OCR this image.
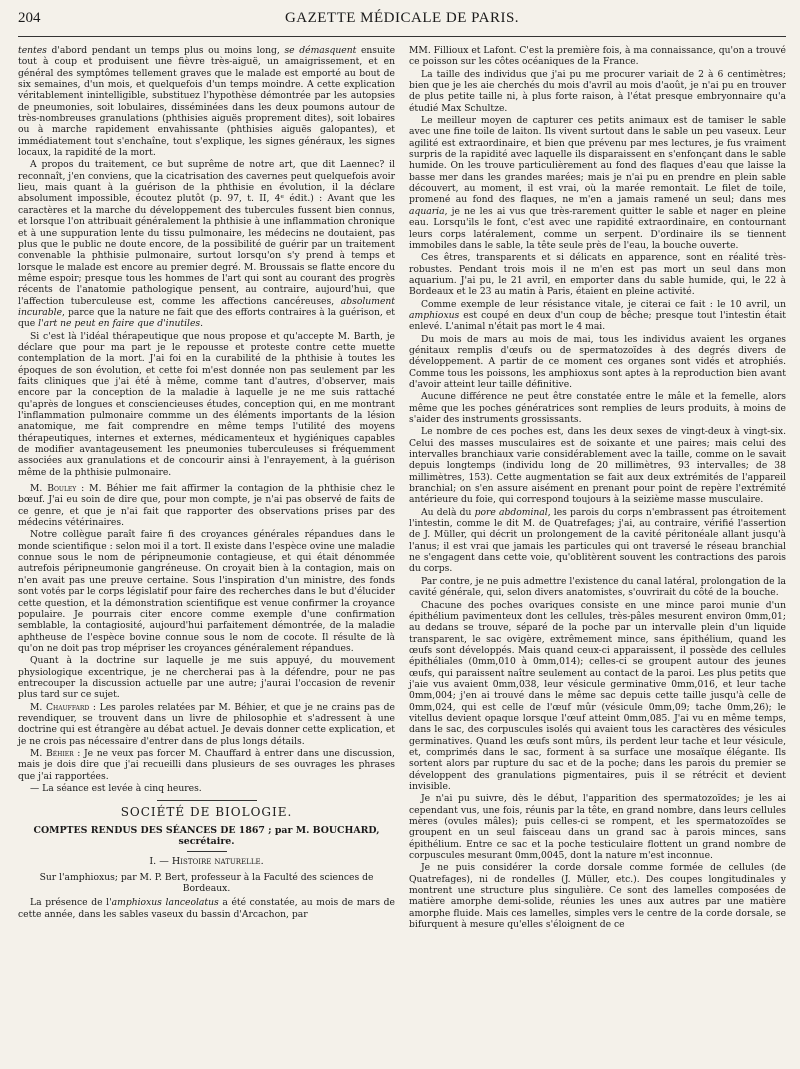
204	GAZETTE MÉDICALE DE PARIS.

tentes d'abord pendant un temps plus ou moins long, se démasquent ensuite tout à coup et produisent une fièvre très-aiguë, un amaigrissement, et en général des symptômes tellement graves que le malade est emporté au bout de six semaines, d'un mois, et quelquefois d'un temps moindre. A cette explication véritablement inintelligible, substituez l'hypothèse démontrée par les autopsies de pneumonies, soit lobulaires, disséminées dans les deux poumons autour de très-nombreuses granulations (phthisies aiguës proprement dites), soit lobaires ou à marche rapidement envahissante (phthisies aiguës galopantes), et immédiatement tout s'enchaîne, tout s'explique, les signes généraux, les signes locaux, la rapidité de la mort.

A propos du traitement, ce but suprême de notre art, que dit Laennec? il reconnaît, j'en conviens, que la cicatrisation des cavernes peut quelquefois avoir lieu, mais quant à la guérison de la phthisie en évolution, il la déclare absolument impossible, écoutez plutôt (p. 97, t. II, 4ᵉ édit.) : Avant que les caractères et la marche du développement des tubercules fussent bien connus, et lorsque l'on attribuait généralement la phthisie à une inflammation chronique et à une suppuration lente du tissu pulmonaire, les médecins ne doutaient, pas plus que le public ne doute encore, de la possibilité de guérir par un traitement convenable la phthisie pulmonaire, surtout lorsqu'on s'y prend à temps et lorsque le malade est encore au premier degré. M. Broussais se flatte encore du même espoir; presque tous les hommes de l'art qui sont au courant des progrès récents de l'anatomie pathologique pensent, au contraire, aujourd'hui, que l'affection tuberculeuse est, comme les affections cancéreuses, absolument incurable, parce que la nature ne fait que des efforts contraires à la guérison, et que l'art ne peut en faire que d'inutiles.

Si c'est là l'idéal thérapeutique que nous propose et qu'accepte M. Barth, je déclare que pour ma part je le repousse et proteste contre cette muette contemplation de la mort. J'ai foi en la curabilité de la phthisie à toutes les époques de son évolution, et cette foi m'est donnée non pas seulement par les faits cliniques que j'ai été à même, comme tant d'autres, d'observer, mais encore par la conception de la maladie à laquelle je ne me suis rattaché qu'après de longues et consciencieuses études, conception qui, en me montrant l'inflammation pulmonaire commme un des éléments importants de la lésion anatomique, me fait comprendre en même temps l'utilité des moyens thérapeutiques, internes et externes, médicamenteux et hygiéniques capables de modifier avantageusement les pneumonies tuberculeuses si fréquemment associées aux granulations et de concourir ainsi à l'enrayement, à la guérison même de la phthisie pulmonaire.

M. Bouley : M. Béhier me fait affirmer la contagion de la phthisie chez le bœuf. J'ai eu soin de dire que, pour mon compte, je n'ai pas observé de faits de ce genre, et que je n'ai fait que rapporter des observations prises par des médecins vétérinaires.

Notre collègue paraît faire fi des croyances générales répandues dans le monde scientifique : selon moi il a tort. Il existe dans l'espèce ovine une maladie connue sous le nom de péripneumonie contagieuse, et qui était dénommée autrefois péripneumonie gangréneuse. On croyait bien à la contagion, mais on n'en avait pas une preuve certaine. Sous l'inspiration d'un ministre, des fonds sont votés par le corps législatif pour faire des recherches dans le but d'élucider cette question, et la démonstration scientifique est venue confirmer la croyance populaire. Je pourrais citer encore comme exemple d'une confirmation semblable, la contagiosité, aujourd'hui parfaitement démontrée, de la maladie aphtheuse de l'espèce bovine connue sous le nom de cocote. Il résulte de là qu'on ne doit pas trop mépriser les croyances généralement répandues.

Quant à la doctrine sur laquelle je me suis appuyé, du mouvement physiologique excentrique, je ne chercherai pas à la défendre, pour ne pas entrecouper la discussion actuelle par une autre; j'aurai l'occasion de revenir plus tard sur ce sujet.

M. Chauffard : Les paroles relatées par M. Béhier, et que je ne crains pas de revendiquer, se trouvent dans un livre de philosophie et s'adressent à une doctrine qui est étrangère au débat actuel. Je devais donner cette explication, et je ne crois pas nécessaire d'entrer dans de plus longs détails.

M. Béhier : Je ne veux pas forcer M. Chauffard à entrer dans une discussion, mais je dois dire que j'ai recueilli dans plusieurs de ses ouvrages les phrases que j'ai rapportées.

— La séance est levée à cinq heures.

SOCIÉTÉ DE BIOLOGIE.
COMPTES RENDUS DES SÉANCES DE 1867 ; par M. BOUCHARD, secrétaire.
I. — Histoire naturelle.
Sur l'amphioxus; par M. P. Bert, professeur à la Faculté des sciences de Bordeaux.

La présence de l'amphioxus lanceolatus a été constatée, au mois de mars de cette année, dans les sables vaseux du bassin d'Arcachon, par

MM. Fillioux et Lafont. C'est la première fois, à ma connaissance, qu'on a trouvé ce poisson sur les côtes océaniques de la France.

La taille des individus que j'ai pu me procurer variait de 2 à 6 centimètres; bien que je les aie cherchés du mois d'avril au mois d'août, je n'ai pu en trouver de plus petite taille ni, à plus forte raison, à l'état presque embryonnaire qu'a étudié Max Schultze.

Le meilleur moyen de capturer ces petits animaux est de tamiser le sable avec une fine toile de laiton. Ils vivent surtout dans le sable un peu vaseux. Leur agilité est extraordinaire, et bien que prévenu par mes lectures, je fus vraiment surpris de la rapidité avec laquelle ils disparaissent en s'enfonçant dans le sable humide. On les trouve particulièrement au fond des flaques d'eau que laisse la basse mer dans les grandes marées; mais je n'ai pu en prendre en plein sable découvert, au moment, il est vrai, où la marée remontait. Le filet de toile, promené au fond des flaques, ne m'en a jamais ramené un seul; dans mes aquaria, je ne les ai vus que très-rarement quitter le sable et nager en pleine eau. Lorsqu'ils le font, c'est avec une rapidité extraordinaire, en contournant leurs corps latéralement, comme un serpent. D'ordinaire ils se tiennent immobiles dans le sable, la tête seule près de l'eau, la bouche ouverte.

Ces êtres, transparents et si délicats en apparence, sont en réalité très-robustes. Pendant trois mois il ne m'en est pas mort un seul dans mon aquarium. J'ai pu, le 21 avril, en emporter dans du sable humide, qui, le 22 à Bordeaux et le 23 au matin à Paris, étaient en pleine activité.

Comme exemple de leur résistance vitale, je citerai ce fait : le 10 avril, un amphioxus est coupé en deux d'un coup de bêche; presque tout l'intestin était enlevé. L'animal n'était pas mort le 4 mai.

Du mois de mars au mois de mai, tous les individus avaient les organes génitaux remplis d'œufs ou de spermatozoïdes à des degrés divers de développement. A partir de ce moment ces organes sont vidés et atrophiés. Comme tous les poissons, les amphioxus sont aptes à la reproduction bien avant d'avoir atteint leur taille définitive.

Aucune différence ne peut être constatée entre le mâle et la femelle, alors même que les poches génératrices sont remplies de leurs produits, à moins de s'aider des instruments grossissants.

Le nombre de ces poches est, dans les deux sexes de vingt-deux à vingt-six. Celui des masses musculaires est de soixante et une paires; mais celui des intervalles branchiaux varie considérablement avec la taille, comme on le savait depuis longtemps (individu long de 20 millimètres, 93 intervalles; de 38 millimètres, 153). Cette augmentation se fait aux deux extrémités de l'appareil branchial; on s'en assure aisément en prenant pour point de repère l'extrémité antérieure du foie, qui correspond toujours à la seizième masse musculaire.

Au delà du pore abdominal, les parois du corps n'embrassent pas étroitement l'intestin, comme le dit M. de Quatrefages; j'ai, au contraire, vérifié l'assertion de J. Müller, qui décrit un prolongement de la cavité péritonéale allant jusqu'à l'anus; il est vrai que jamais les particules qui ont traversé le réseau branchial ne s'engagent dans cette voie, qu'oblitèrent souvent les contractions des parois du corps.

Par contre, je ne puis admettre l'existence du canal latéral, prolongation de la cavité générale, qui, selon divers anatomistes, s'ouvrirait du côté de la bouche.

Chacune des poches ovariques consiste en une mince paroi munie d'un épithélium pavimenteux dont les cellules, très-pâles mesurent environ 0mm,01; au dedans se trouve, séparé de la poche par un intervalle plein d'un liquide transparent, le sac ovigère, extrêmement mince, sans épithélium, quand les œufs sont développés. Mais quand ceux-ci apparaissent, il possède des cellules épithéliales (0mm,010 à 0mm,014); celles-ci se groupent autour des jeunes œufs, qui paraissent naître seulement au contact de la paroi. Les plus petits que j'aie vus avaient 0mm,038, leur vésicule germinative 0mm,016, et leur tache 0mm,004; j'en ai trouvé dans le même sac depuis cette taille jusqu'à celle de 0mm,024, qui est celle de l'œuf mûr (vésicule 0mm,09; tache 0mm,26); le vitellus devient opaque lorsque l'œuf atteint 0mm,085. J'ai vu en même temps, dans le sac, des corpuscules isolés qui avaient tous les caractères des vésicules germinatives. Quand les œufs sont mûrs, ils perdent leur tache et leur vésicule, et, comprimés dans le sac, forment à sa surface une mosaïque élégante. Ils sortent alors par rupture du sac et de la poche; dans les parois du premier se développent des granulations pigmentaires, puis il se rétrécit et devient invisible.

Je n'ai pu suivre, dès le début, l'apparition des spermatozoïdes; je les ai cependant vus, une fois, réunis par la tête, en grand nombre, dans leurs cellules mères (ovules mâles); puis celles-ci se rompent, et les spermatozoïdes se groupent en un seul faisceau dans un grand sac à parois minces, sans épithélium. Entre ce sac et la poche testiculaire flottent un grand nombre de corpuscules mesurant 0mm,0045, dont la nature m'est inconnue.

Je ne puis considérer la corde dorsale comme formée de cellules (de Quatrefages), ni de rondelles (J. Müller, etc.). Des coupes longitudinales y montrent une structure plus singulière. Ce sont des lamelles composées de matière amorphe demi-solide, réunies les unes aux autres par une matière amorphe fluide. Mais ces lamelles, simples vers le centre de la corde dorsale, se bifurquent à mesure qu'elles s'éloignent de ce
